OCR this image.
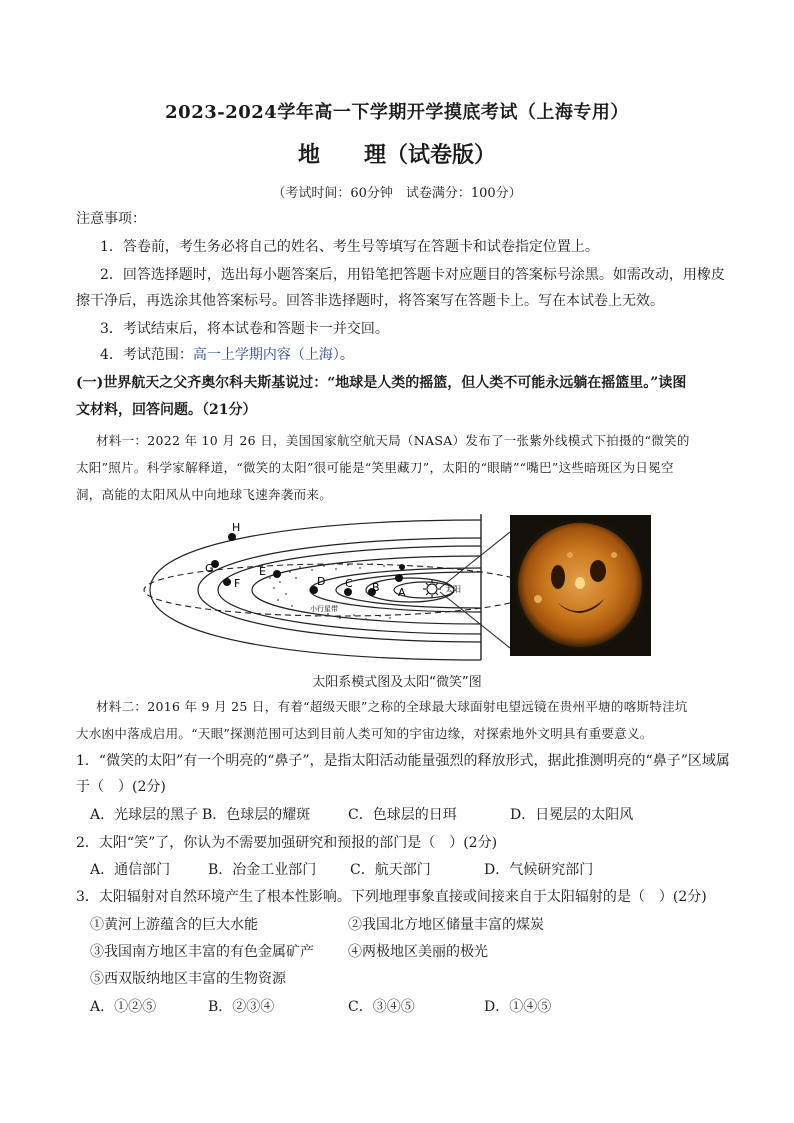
2023-2024学年高一下学期开学摸底考试（上海专用）
地 理（试卷版）
（考试时间：60分钟　试卷满分：100分）
注意事项：
1．答卷前，考生务必将自己的姓名、考生号等填写在答题卡和试卷指定位置上。
2．回答选择题时，选出每小题答案后，用铅笔把答题卡对应题目的答案标号涂黑。如需改动，用橡皮
擦干净后，再选涂其他答案标号。回答非选择题时，将答案写在答题卡上。写在本试卷上无效。
3．考试结束后，将本试卷和答题卡一并交回。
4．考试范围：高一上学期内容（上海）。
(一)世界航天之父齐奥尔科夫斯基说过：“地球是人类的摇篮，但人类不可能永远躺在摇篮里。”读图
文材料，回答问题。（21分）

材料一：2022 年 10 月 26 日，美国国家航空航天局（NASA）发布了一张紫外线模式下拍摄的“微笑的

太阳”照片。科学家解释道，“微笑的太阳”很可能是“笑里藏刀”，太阳的“眼睛”“嘴巴”这些暗斑区为日冕空

洞，高能的太阳风从中向地球飞速奔袭而来。

太阳
小行星带
H
G
F
E
D C B A
太阳系模式图及太阳“微笑”图

材料二：2016 年 9 月 25 日，有着“超级天眼”之称的全球最大球面射电望远镜在贵州平塘的喀斯特洼坑

大水凼中落成启用。“天眼”探测范围可达到目前人类可知的宇宙边缘，对探索地外文明具有重要意义。

1．“微笑的太阳”有一个明亮的“鼻子”，是指太阳活动能量强烈的释放形式，据此推测明亮的“鼻子”区域属
于（　）(2分)
A．光球层的黑子 B．色球层的耀斑	C．色球层的日珥	D．日冕层的太阳风
2．太阳“笑”了，你认为不需要加强研究和预报的部门是（　）(2分)
A．通信部门	B．冶金工业部门 C．航天部门	D．气候研究部门
3．太阳辐射对自然环境产生了根本性影响。下列地理事象直接或间接来自于太阳辐射的是（　）(2分)
①黄河上游蕴含的巨大水能	②我国北方地区储量丰富的煤炭
③我国南方地区丰富的有色金属矿产 ④两极地区美丽的极光
⑤西双版纳地区丰富的生物资源
A．①②⑤	B．②③④	C．③④⑤	D．①④⑤
